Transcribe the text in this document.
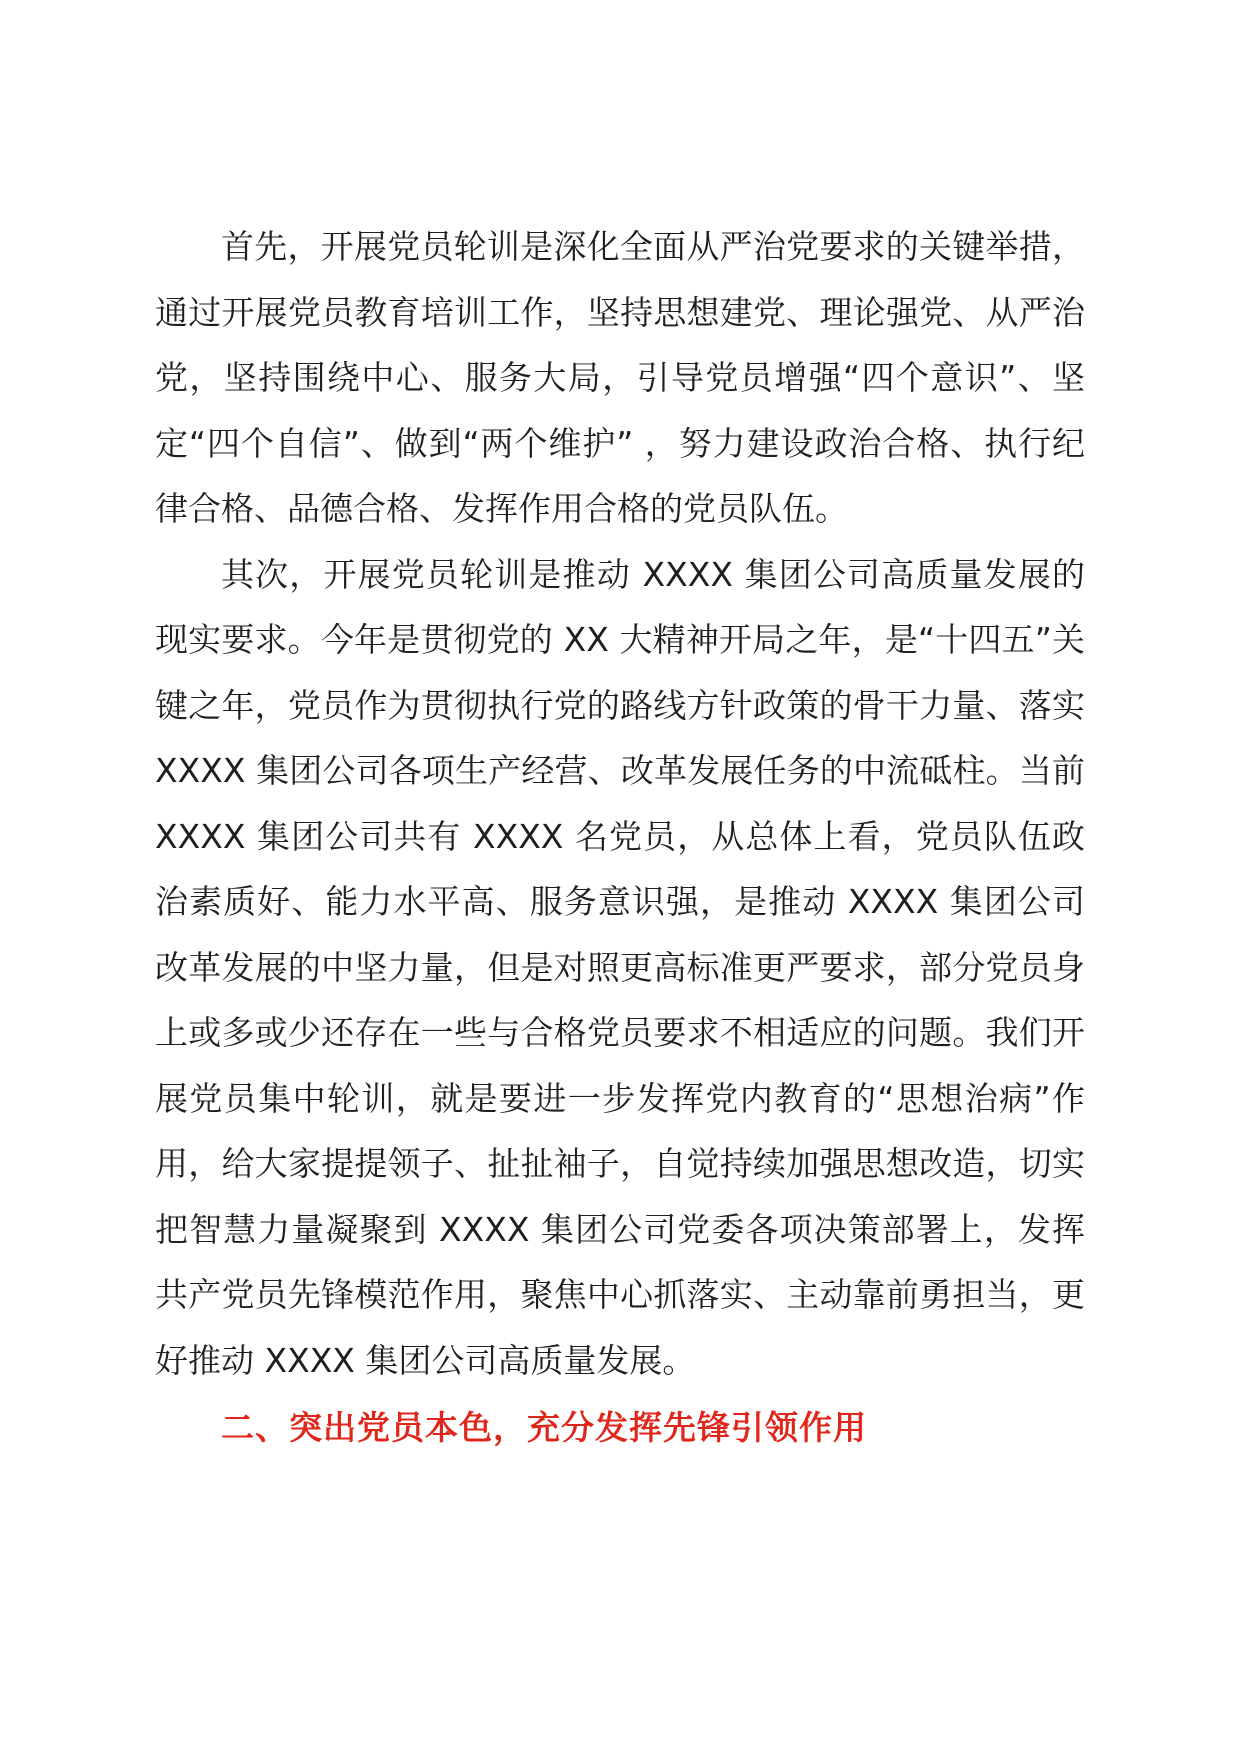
首先，开展党员轮训是深化全面从严治党要求的关键举措，通过开展党员教育培训工作，坚持思想建党、理论强党、从严治党，坚持围绕中心、服务大局，引导党员增强“四个意识”、坚定“四个自信”、做到“两个维护” ，努力建设政治合格、执行纪律合格、品德合格、发挥作用合格的党员队伍。

其次，开展党员轮训是推动 XXXX 集团公司高质量发展的现实要求。今年是贯彻党的 XX 大精神开局之年，是“十四五”关键之年，党员作为贯彻执行党的路线方针政策的骨干力量、落实 XXXX 集团公司各项生产经营、改革发展任务的中流砥柱。当前 XXXX 集团公司共有 XXXX 名党员，从总体上看，党员队伍政治素质好、能力水平高、服务意识强，是推动 XXXX 集团公司改革发展的中坚力量，但是对照更高标准更严要求，部分党员身上或多或少还存在一些与合格党员要求不相适应的问题。我们开展党员集中轮训，就是要进一步发挥党内教育的“思想治病”作用，给大家提提领子、扯扯袖子，自觉持续加强思想改造，切实把智慧力量凝聚到 XXXX 集团公司党委各项决策部署上，发挥共产党员先锋模范作用，聚焦中心抓落实、主动靠前勇担当，更好推动 XXXX 集团公司高质量发展。

二、突出党员本色，充分发挥先锋引领作用
